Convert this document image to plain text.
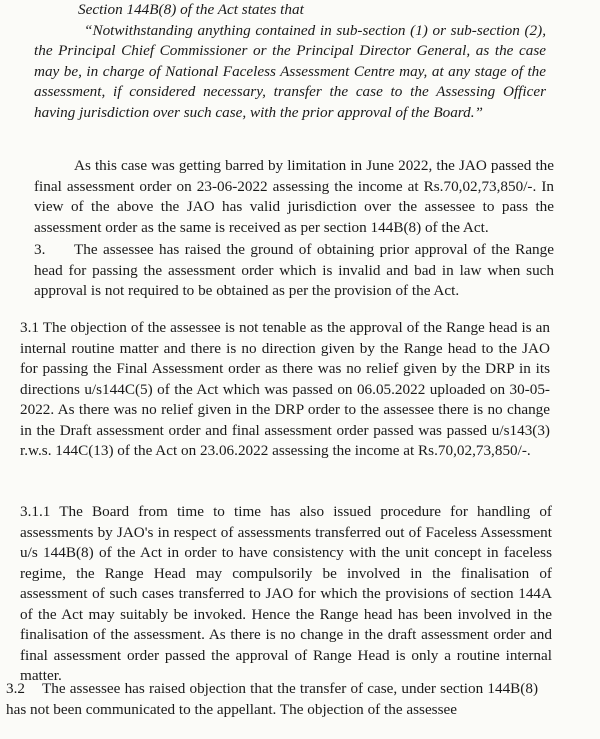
Section 144B(8) of the Act states that
“Notwithstanding anything contained in sub-section (1) or sub-section (2), the Principal Chief Commissioner or the Principal Director General, as the case may be, in charge of National Faceless Assessment Centre may, at any stage of the assessment, if considered necessary, transfer the case to the Assessing Officer having jurisdiction over such case, with the prior approval of the Board.”
As this case was getting barred by limitation in June 2022, the JAO passed the final assessment order on 23-06-2022 assessing the income at Rs.70,02,73,850/-. In view of the above the JAO has valid jurisdiction over the assessee to pass the assessment order as the same is received as per section 144B(8) of the Act.
3. The assessee has raised the ground of obtaining prior approval of the Range head for passing the assessment order which is invalid and bad in law when such approval is not required to be obtained as per the provision of the Act.
3.1 The objection of the assessee is not tenable as the approval of the Range head is an internal routine matter and there is no direction given by the Range head to the JAO for passing the Final Assessment order as there was no relief given by the DRP in its directions u/s144C(5) of the Act which was passed on 06.05.2022 uploaded on 30-05-2022. As there was no relief given in the DRP order to the assessee there is no change in the Draft assessment order and final assessment order passed was passed u/s143(3) r.w.s. 144C(13) of the Act on 23.06.2022 assessing the income at Rs.70,02,73,850/-.
3.1.1 The Board from time to time has also issued procedure for handling of assessments by JAO's in respect of assessments transferred out of Faceless Assessment u/s 144B(8) of the Act in order to have consistency with the unit concept in faceless regime, the Range Head may compulsorily be involved in the finalisation of assessment of such cases transferred to JAO for which the provisions of section 144A of the Act may suitably be invoked. Hence the Range head has been involved in the finalisation of the assessment. As there is no change in the draft assessment order and final assessment order passed the approval of Range Head is only a routine internal matter.
3.2 The assessee has raised objection that the transfer of case, under section 144B(8) has not been communicated to the appellant. The objection of the assessee
